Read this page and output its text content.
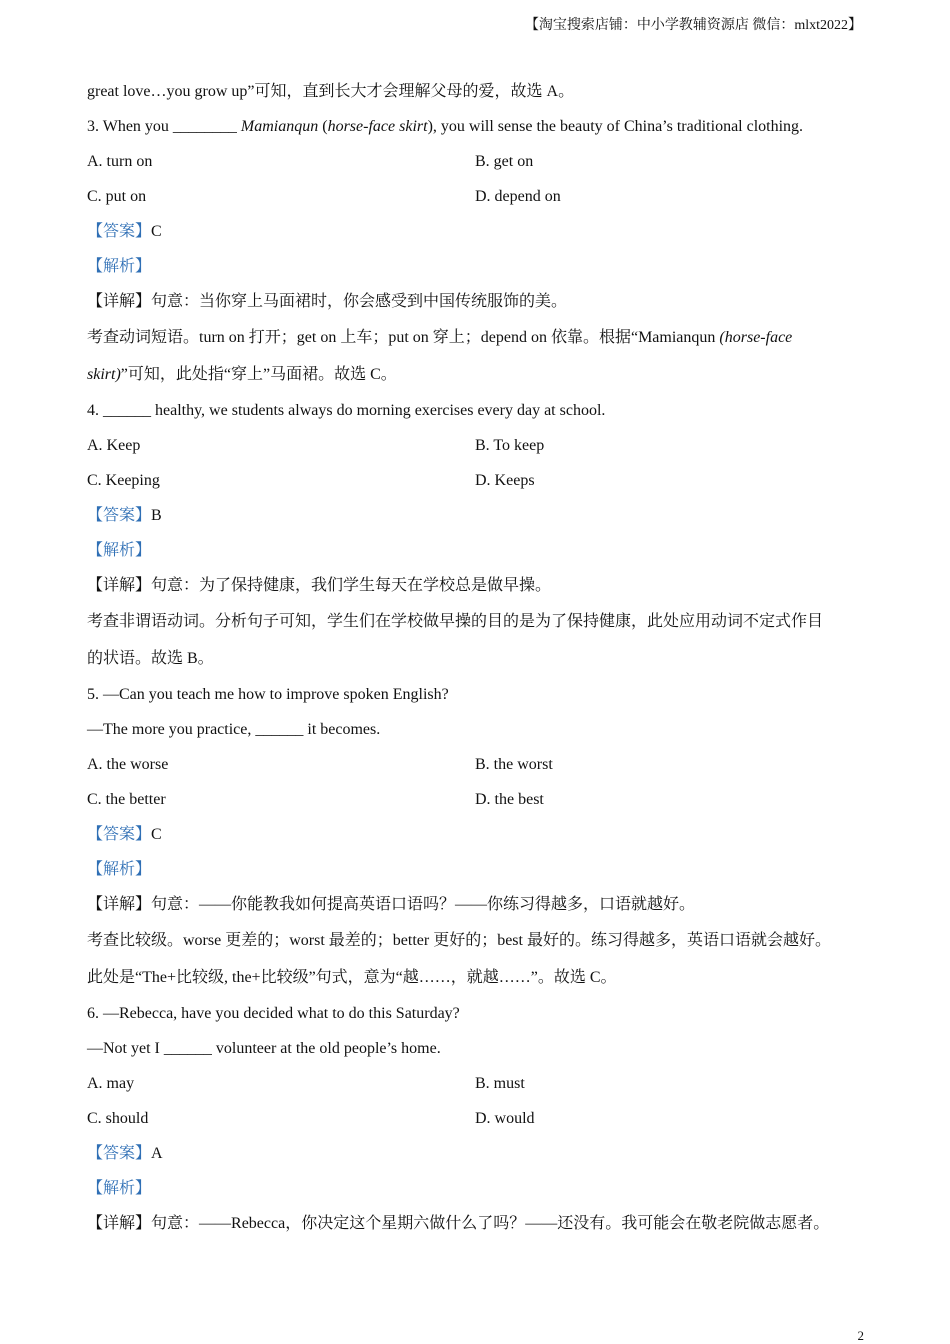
【淘宝搜索店铺：中小学教辅资源店 微信：mlxt2022】
great love…you grow up”可知，直到长大才会理解父母的爱，故选 A。
3. When you ________ Mamianqun (horse-face skirt), you will sense the beauty of China’s traditional clothing.
A. turn on	B. get on
C. put on	D. depend on
【答案】C
【解析】
【详解】句意：当你穿上马面裙时，你会感受到中国传统服饰的美。
考查动词短语。turn on 打开；get on 上车；put on 穿上；depend on 依靠。根据“Mamianqun (horse-face
skirt)”可知，此处指“穿上”马面裙。故选 C。
4. ______ healthy, we students always do morning exercises every day at school.
A. Keep	B. To keep
C. Keeping	D. Keeps
【答案】B
【解析】
【详解】句意：为了保持健康，我们学生每天在学校总是做早操。
考查非谓语动词。分析句子可知，学生们在学校做早操的目的是为了保持健康，此处应用动词不定式作目
的状语。故选 B。
5. —Can you teach me how to improve spoken English?
—The more you practice, ______ it becomes.
A. the worse	B. the worst
C. the better	D. the best
【答案】C
【解析】
【详解】句意：——你能教我如何提高英语口语吗？——你练习得越多，口语就越好。
考查比较级。worse 更差的；worst 最差的；better 更好的；best 最好的。练习得越多，英语口语就会越好。
此处是“The+比较级, the+比较级”句式，意为“越……，就越……”。故选 C。
6. —Rebecca, have you decided what to do this Saturday?
—Not yet I ______ volunteer at the old people’s home.
A. may	B. must
C. should	D. would
【答案】A
【解析】
【详解】句意：——Rebecca，你决定这个星期六做什么了吗？——还没有。我可能会在敬老院做志愿者。
2
